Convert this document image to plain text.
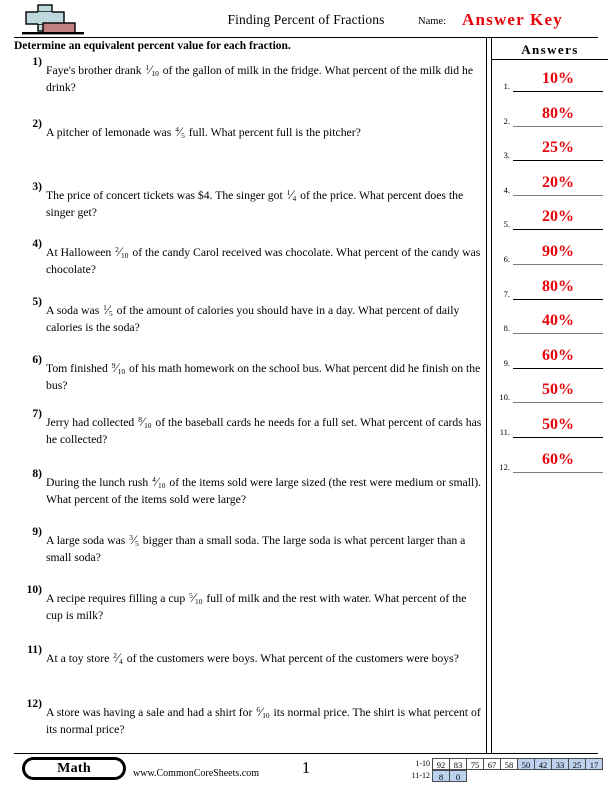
Finding Percent of Fractions	Name: Answer Key
Determine an equivalent percent value for each fraction.
1)
Faye's brother drank $^1$⁄10 of the gallon of milk in the fridge. What percent of the milk did he drink?
2)
A pitcher of lemonade was $^4$⁄5 full. What percent full is the pitcher?
3)
The price of concert tickets was $4. The singer got $^1$⁄4 of the price. What percent does the singer get?
4)
At Halloween $^2$⁄10 of the candy Carol received was chocolate. What percent of the candy was chocolate?
5)
A soda was $^1$⁄5 of the amount of calories you should have in a day. What percent of daily calories is the soda?
6)
Tom finished $^9$⁄10 of his math homework on the school bus. What percent did he finish on the bus?
7)
Jerry had collected $^8$⁄10 of the baseball cards he needs for a full set. What percent of cards has he collected?
8)
During the lunch rush $^4$⁄10 of the items sold were large sized (the rest were medium or small). What percent of the items sold were large?
9)
A large soda was $^3$⁄5 bigger than a small soda. The large soda is what percent larger than a small soda?
10)
A recipe requires filling a cup $^5$⁄10 full of milk and the rest with water. What percent of the cup is milk?
11)
At a toy store $^2$⁄4 of the customers were boys. What percent of the customers were boys?
12)
A store was having a sale and had a shirt for $^6$⁄10 its normal price. The shirt is what percent of its normal price?
Answers
1.	10%
2.	80%
3.	25%
4.	20%
5.	20%
6.	90%
7.	80%
8.	40%
9.	60%
10.	50%
11.	50%
12.	60%
Math	www.CommonCoreSheets.com	1	1-10 92 83 75 67 58 50 42 33 25 17
11-12 8 0
